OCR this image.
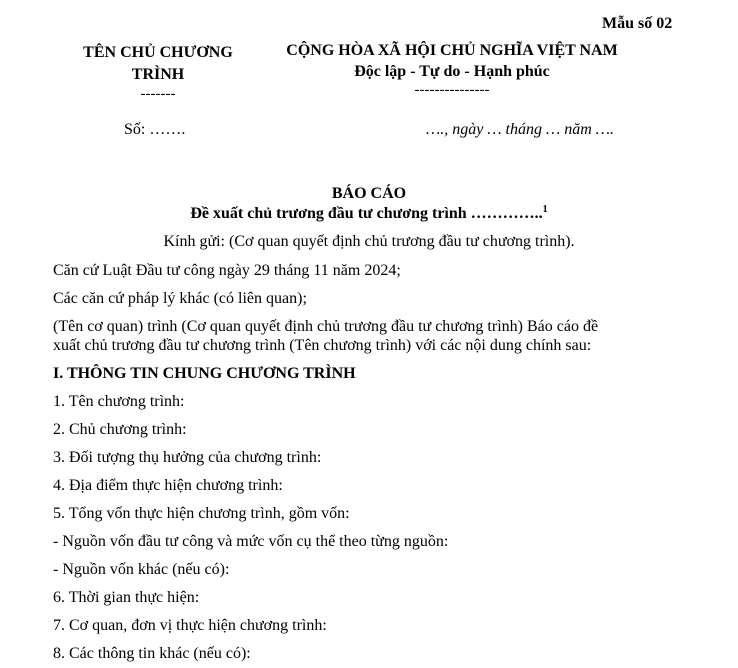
Mẫu số 02
TÊN CHỦ CHƯƠNG
TRÌNH
-------
CỘNG HÒA XÃ HỘI CHỦ NGHĨA VIỆT NAM
Độc lập - Tự do - Hạnh phúc
---------------
Số: …….	…., ngày … tháng … năm ….
BÁO CÁO
Đề xuất chủ trương đầu tư chương trình …………..$^1$
Kính gửi: (Cơ quan quyết định chủ trương đầu tư chương trình).
Căn cứ Luật Đầu tư công ngày 29 tháng 11 năm 2024;
Các căn cứ pháp lý khác (có liên quan);
(Tên cơ quan) trình (Cơ quan quyết định chủ trương đầu tư chương trình) Báo cáo đề
xuất chủ trương đầu tư chương trình (Tên chương trình) với các nội dung chính sau:
I. THÔNG TIN CHUNG CHƯƠNG TRÌNH
1. Tên chương trình:
2. Chủ chương trình:
3. Đối tượng thụ hưởng của chương trình:
4. Địa điểm thực hiện chương trình:
5. Tổng vốn thực hiện chương trình, gồm vốn:
- Nguồn vốn đầu tư công và mức vốn cụ thể theo từng nguồn:
- Nguồn vốn khác (nếu có):
6. Thời gian thực hiện:
7. Cơ quan, đơn vị thực hiện chương trình:
8. Các thông tin khác (nếu có):
